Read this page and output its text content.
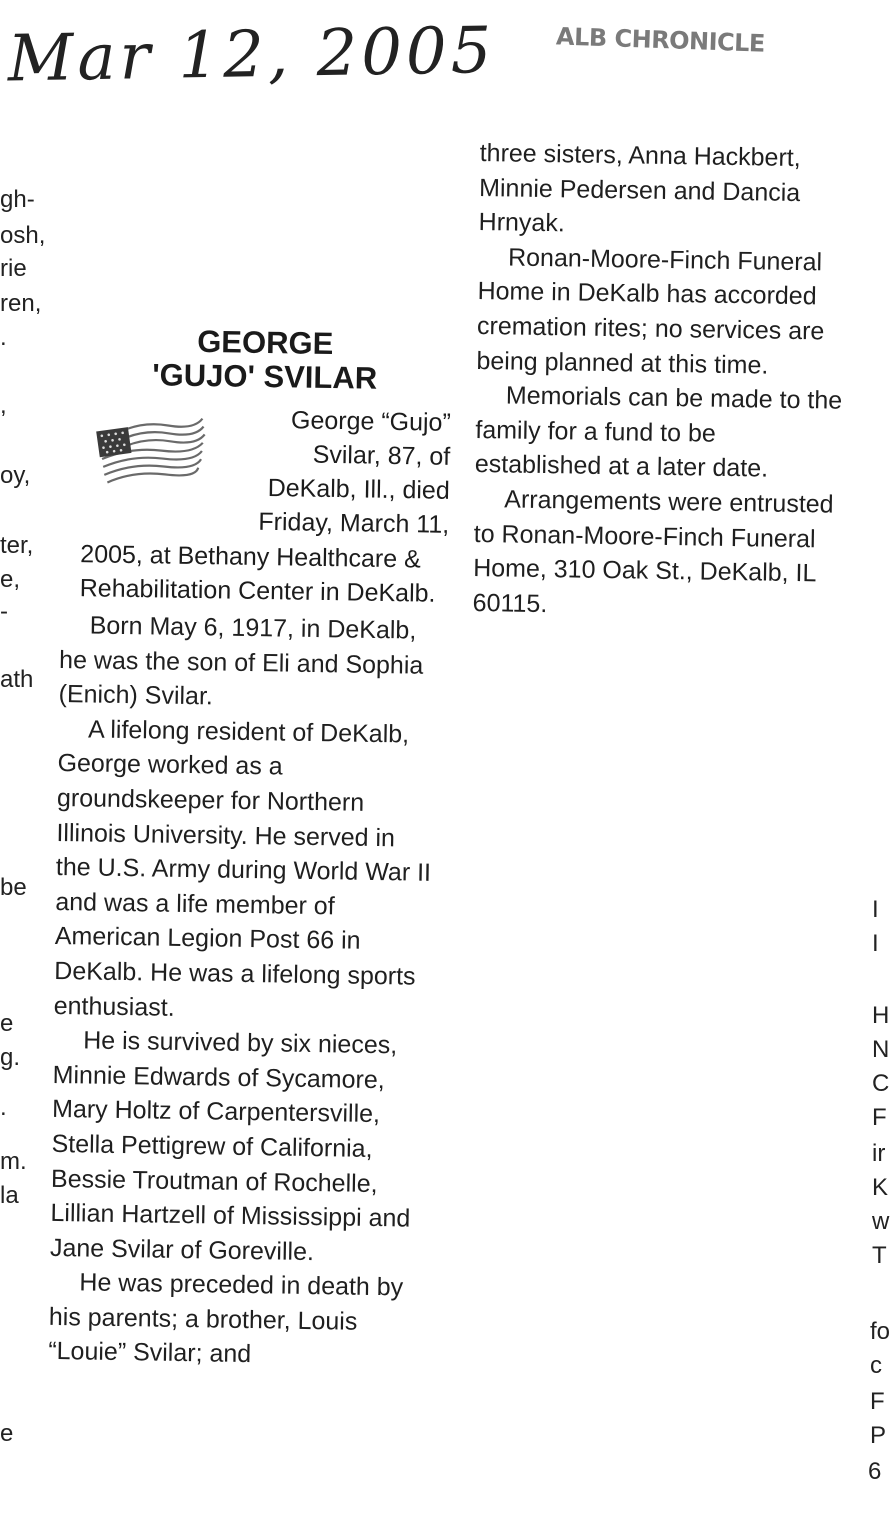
Mar 12, 2005	ALB CHRONICLE
gh-
osh,
rie
ren,
.
,
oy,
ter,
e,
-
ath
be
e
g.
.
m.
la
e
I
I
H
N
C
F
ir
K
w
T
fo
c
F
P
6
GEORGE
'GUJO' SVILAR

George “Gujo”

Svilar, 87, of

DeKalb, Ill., died

Friday, March 11,

2005, at Bethany Healthcare & Rehabilitation Center in DeKalb.

Born May 6, 1917, in DeKalb, he was the son of Eli and Sophia (Enich) Svilar.

A lifelong resident of DeKalb, George worked as a groundskeeper for Northern Illinois University. He served in the U.S. Army during World War II and was a life member of American Legion Post 66 in DeKalb. He was a lifelong sports enthusiast.

He is survived by six nieces, Minnie Edwards of Sycamore, Mary Holtz of Carpentersville, Stella Pettigrew of California, Bessie Troutman of Rochelle, Lillian Hartzell of Mississippi and Jane Svilar of Goreville.

He was preceded in death by his parents; a brother, Louis “Louie” Svilar; and

three sisters, Anna Hackbert, Minnie Pedersen and Dancia Hrnyak.

Ronan-Moore-Finch Funeral Home in DeKalb has accorded cremation rites; no services are being planned at this time.

Memorials can be made to the family for a fund to be established at a later date.

Arrangements were entrusted to Ronan-Moore-Finch Funeral Home, 310 Oak St., DeKalb, IL 60115.
